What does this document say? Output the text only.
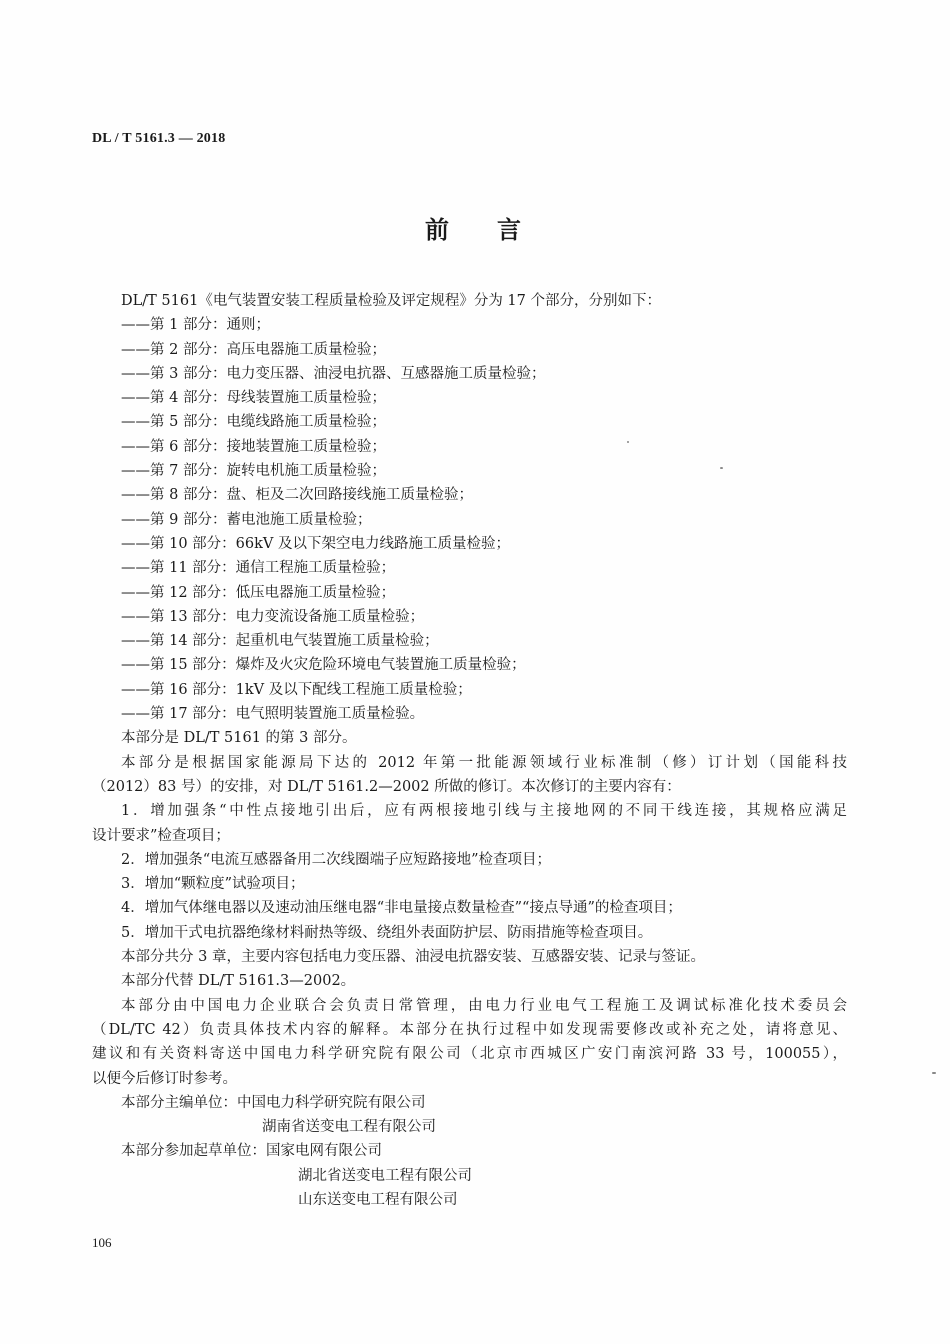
DL / T 5161.3 — 2018
前 言
DL/T 5161《电气装置安装工程质量检验及评定规程》分为 17 个部分，分别如下：
——第 1 部分：通则；
——第 2 部分：高压电器施工质量检验；
——第 3 部分：电力变压器、油浸电抗器、互感器施工质量检验；
——第 4 部分：母线装置施工质量检验；
——第 5 部分：电缆线路施工质量检验；
——第 6 部分：接地装置施工质量检验；
——第 7 部分：旋转电机施工质量检验；
——第 8 部分：盘、柜及二次回路接线施工质量检验；
——第 9 部分：蓄电池施工质量检验；
——第 10 部分：66kV 及以下架空电力线路施工质量检验；
——第 11 部分：通信工程施工质量检验；
——第 12 部分：低压电器施工质量检验；
——第 13 部分：电力变流设备施工质量检验；
——第 14 部分：起重机电气装置施工质量检验；
——第 15 部分：爆炸及火灾危险环境电气装置施工质量检验；
——第 16 部分：1kV 及以下配线工程施工质量检验；
——第 17 部分：电气照明装置施工质量检验。
本部分是 DL/T 5161 的第 3 部分。
本部分是根据国家能源局下达的 2012 年第一批能源领域行业标准制（修）订计划（国能科技
（2012）83 号）的安排，对 DL/T 5161.2—2002 所做的修订。本次修订的主要内容有：
1．增加强条“中性点接地引出后，应有两根接地引线与主接地网的不同干线连接，其规格应满足
设计要求”检查项目；
2．增加强条“电流互感器备用二次线圈端子应短路接地”检查项目；
3．增加“颗粒度”试验项目；
4．增加气体继电器以及速动油压继电器“非电量接点数量检查”“接点导通”的检查项目；
5．增加干式电抗器绝缘材料耐热等级、绕组外表面防护层、防雨措施等检查项目。
本部分共分 3 章，主要内容包括电力变压器、油浸电抗器安装、互感器安装、记录与签证。
本部分代替 DL/T 5161.3—2002。
本部分由中国电力企业联合会负责日常管理，由电力行业电气工程施工及调试标准化技术委员会
（DL/TC 42）负责具体技术内容的解释。本部分在执行过程中如发现需要修改或补充之处，请将意见、
建议和有关资料寄送中国电力科学研究院有限公司（北京市西城区广安门南滨河路 33 号，100055），
以便今后修订时参考。
本部分主编单位：中国电力科学研究院有限公司
湖南省送变电工程有限公司
本部分参加起草单位：国家电网有限公司
湖北省送变电工程有限公司
山东送变电工程有限公司
106
